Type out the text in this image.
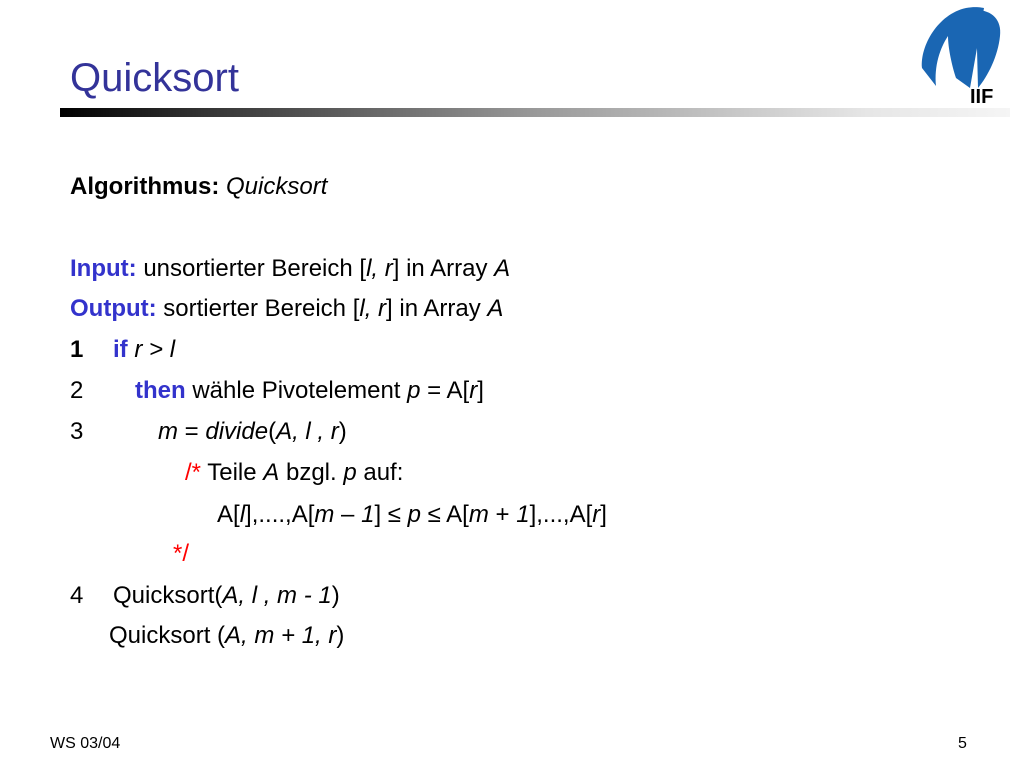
Quicksort	IIF
Algorithmus: Quicksort
Input: unsortierter Bereich [l, r] in Array A
Output: sortierter Bereich [l, r] in Array A
1 if r > l
2 then wähle Pivotelement p = A[r]
3	m = divide(A, l , r)
/* Teile A bzgl. p auf:
A[l],....,A[m – 1] ≤ p ≤ A[m + 1],...,A[r]
*/
4 Quicksort(A, l , m - 1)
Quicksort (A, m + 1, r)
WS 03/04	5
